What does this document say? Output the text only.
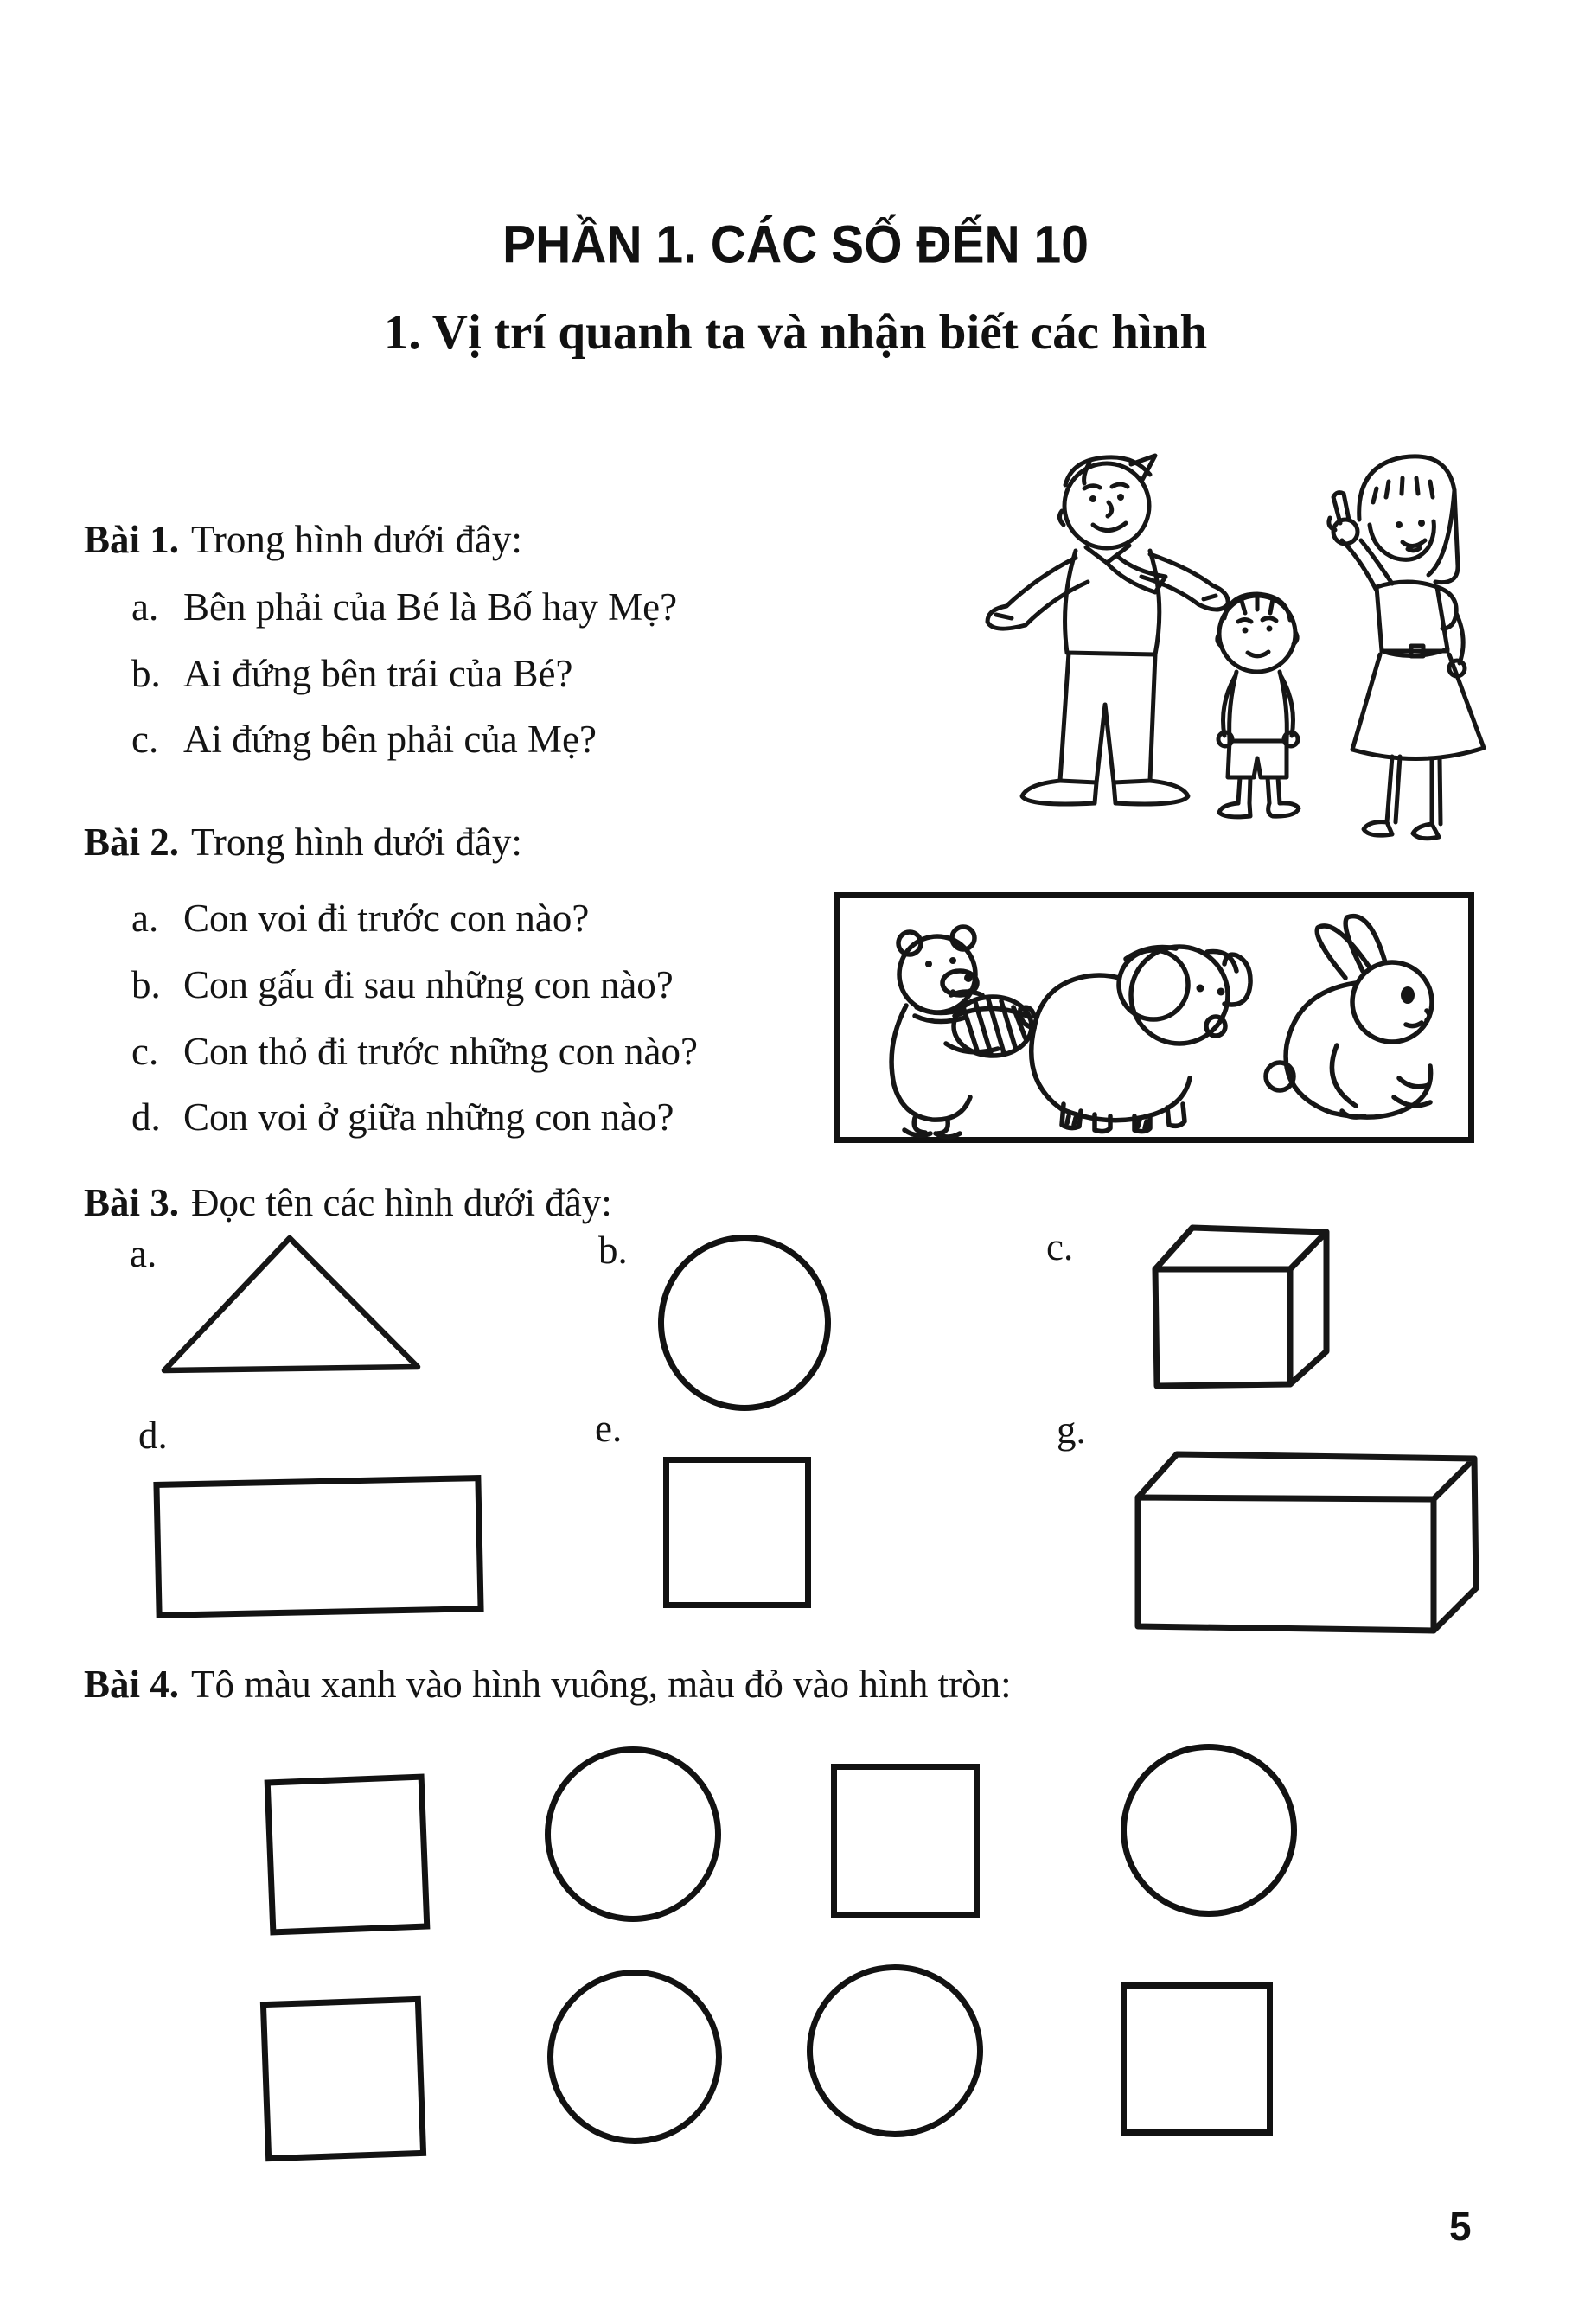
PHẦN 1. CÁC SỐ ĐẾN 10
1. Vị trí quanh ta và nhận biết các hình
Bài 1. Trong hình dưới đây:
a. Bên phải của Bé là Bố hay Mẹ?
b. Ai đứng bên trái của Bé?
c. Ai đứng bên phải của Mẹ?
Bài 2. Trong hình dưới đây:
a. Con voi đi trước con nào?
b. Con gấu đi sau những con nào?
c. Con thỏ đi trước những con nào?
d. Con voi ở giữa những con nào?
Bài 3. Đọc tên các hình dưới đây:
a.	b.	c.
d.	e.	g.
Bài 4. Tô màu xanh vào hình vuông, màu đỏ vào hình tròn:
5
